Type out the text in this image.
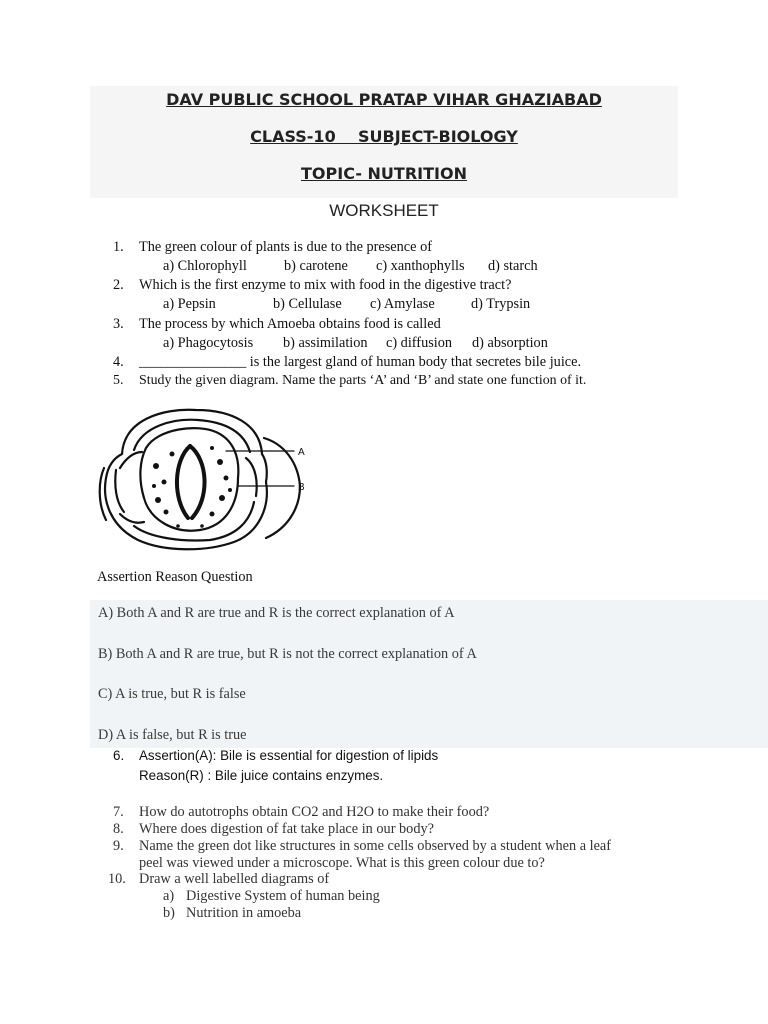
DAV PUBLIC SCHOOL PRATAP VIHAR GHAZIABAD
CLASS-10    SUBJECT-BIOLOGY
TOPIC- NUTRITION
WORKSHEET
1. The green colour of plants is due to the presence of
a) Chlorophyll	b) carotene c) xanthophylls d) starch
2. Which is the first enzyme to mix with food in the digestive tract?
a) Pepsin	b) Cellulase c) Amylase	d) Trypsin
3. The process by which Amoeba obtains food is called
a) Phagocytosis b) assimilation c) diffusion d) absorption
4. _______________ is the largest gland of human body that secretes bile juice.
5. Study the given diagram. Name the parts ‘A’ and ‘B’ and state one function of it.
A
B
Assertion Reason Question
A) Both A and R are true and R is the correct explanation of A
B) Both A and R are true, but R is not the correct explanation of A
C) A is true, but R is false
D) A is false, but R is true
6. Assertion(A): Bile is essential for digestion of lipids
Reason(R) : Bile juice contains enzymes.
7. How do autotrophs obtain CO2 and H2O to make their food?
8. Where does digestion of fat take place in our body?
9. Name the green dot like structures in some cells observed by a student when a leaf
peel was viewed under a microscope. What is this green colour due to?
10. Draw a well labelled diagrams of
a) Digestive System of human being
b) Nutrition in amoeba
